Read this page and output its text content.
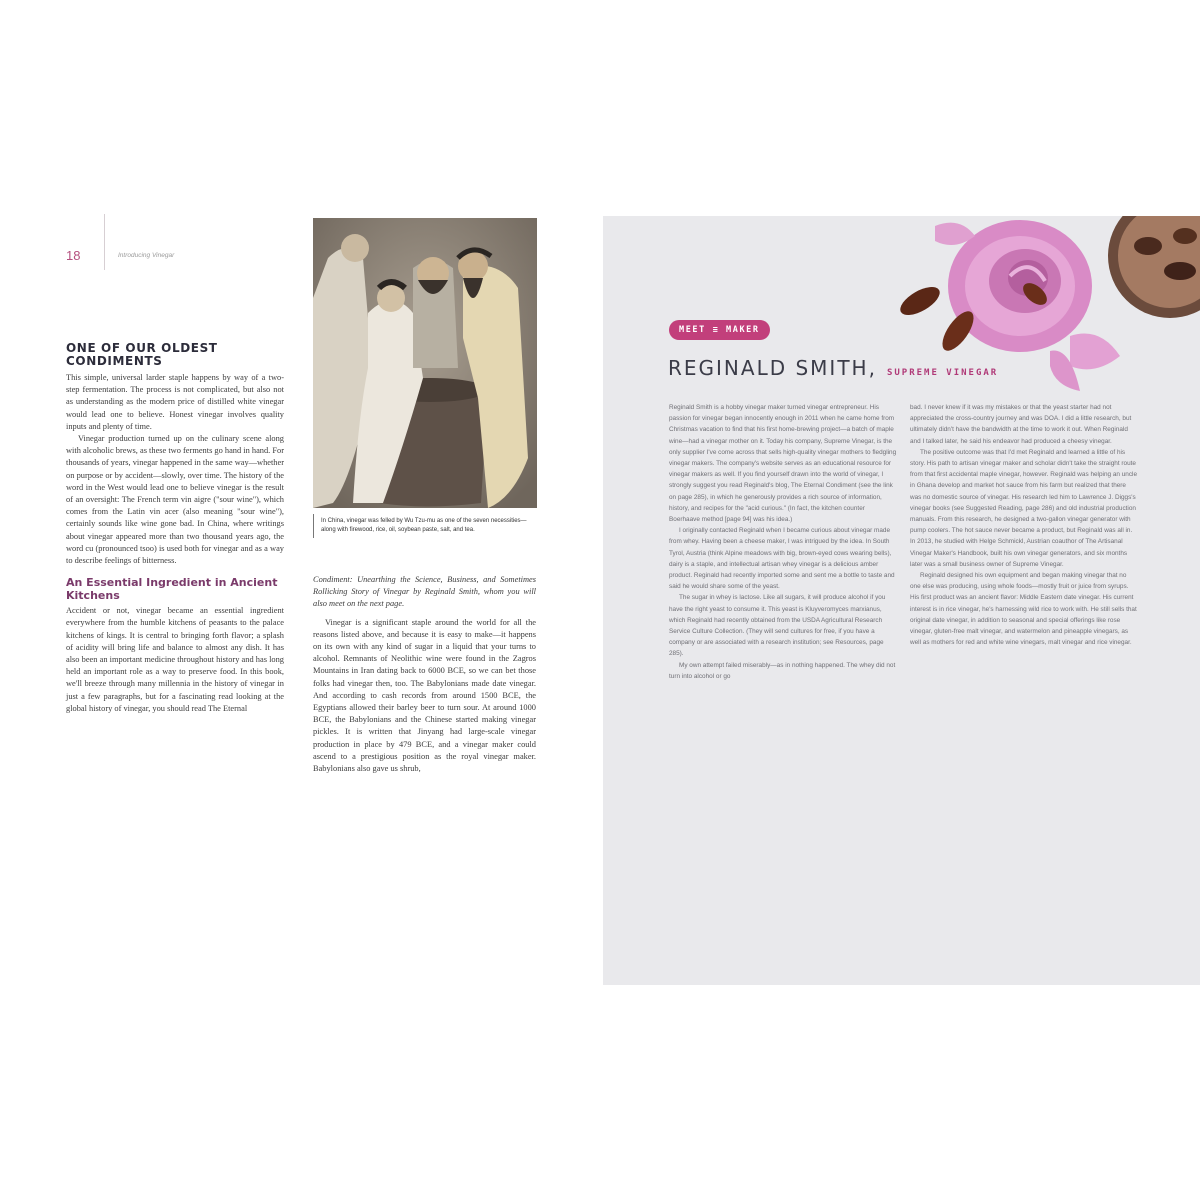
18	Introducing Vinegar
ONE OF OUR OLDEST CONDIMENTS

This simple, universal larder staple happens by way of a two-step fermentation. The process is not complicated, but also not as understanding as the modern price of distilled white vinegar would lead one to believe. Honest vinegar involves quality inputs and plenty of time.

Vinegar production turned up on the culinary scene along with alcoholic brews, as these two ferments go hand in hand. For thousands of years, vinegar happened in the same way—whether on purpose or by accident—slowly, over time. The history of the word in the West would lead one to believe vinegar is the result of an oversight: The French term vin aigre ("sour wine"), which comes from the Latin vin acer (also meaning "sour wine"), certainly sounds like wine gone bad. In China, where writings about vinegar appeared more than two thousand years ago, the word cu (pronounced tsoo) is used both for vinegar and as a way to describe feelings of bitterness.

An Essential Ingredient in Ancient Kitchens

Accident or not, vinegar became an essential ingredient everywhere from the humble kitchens of peasants to the palace kitchens of kings. It is central to bringing forth flavor; a splash of acidity will bring life and balance to almost any dish. It has also been an important medicine throughout history and has long held an important role as a way to preserve food. In this book, we'll breeze through many millennia in the history of vinegar in just a few paragraphs, but for a fascinating read looking at the global history of vinegar, you should read The Eternal

In China, vinegar was felled by Wu Tzu-mu as one of the seven necessities—along with firewood, rice, oil, soybean paste, salt, and tea.

Condiment: Unearthing the Science, Business, and Sometimes Rollicking Story of Vinegar by Reginald Smith, whom you will also meet on the next page.

Vinegar is a significant staple around the world for all the reasons listed above, and because it is easy to make—it happens on its own with any kind of sugar in a liquid that your turns to alcohol. Remnants of Neolithic wine were found in the Zagros Mountains in Iran dating back to 6000 BCE, so we can bet those folks had vinegar then, too. The Babylonians made date vinegar. And according to cash records from around 1500 BCE, the Egyptians allowed their barley beer to turn sour. At around 1000 BCE, the Babylonians and the Chinese started making vinegar pickles. It is written that Jinyang had large-scale vinegar production in place by 479 BCE, and a vinegar maker could ascend to a prestigious position as the royal vinegar maker. Babylonians also gave us shrub,

MEET ≡ MAKER
REGINALD SMITH, SUPREME VINEGAR

Reginald Smith is a hobby vinegar maker turned vinegar entrepreneur. His passion for vinegar began innocently enough in 2011 when he came home from Christmas vacation to find that his first home-brewing project—a batch of maple wine—had a vinegar mother on it. Today his company, Supreme Vinegar, is the only supplier I've come across that sells high-quality vinegar mothers to fledgling vinegar makers. The company's website serves as an educational resource for vinegar makers as well. If you find yourself drawn into the world of vinegar, I strongly suggest you read Reginald's blog, The Eternal Condiment (see the link on page 285), in which he generously provides a rich source of information, history, and recipes for the "acid curious." (In fact, the kitchen counter Boerhaave method [page 94] was his idea.)

I originally contacted Reginald when I became curious about vinegar made from whey. Having been a cheese maker, I was intrigued by the idea. In South Tyrol, Austria (think Alpine meadows with big, brown-eyed cows wearing bells), dairy is a staple, and intellectual artisan whey vinegar is a delicious amber product. Reginald had recently imported some and sent me a bottle to taste and said he would share some of the yeast.

The sugar in whey is lactose. Like all sugars, it will produce alcohol if you have the right yeast to consume it. This yeast is Kluyveromyces marxianus, which Reginald had recently obtained from the USDA Agricultural Research Service Culture Collection. (They will send cultures for free, if you have a company or are associated with a research institution; see Resources, page 285).

My own attempt failed miserably—as in nothing happened. The whey did not turn into alcohol or go

bad. I never knew if it was my mistakes or that the yeast starter had not appreciated the cross-country journey and was DOA. I did a little research, but ultimately didn't have the bandwidth at the time to work it out. When Reginald and I talked later, he said his endeavor had produced a cheesy vinegar.

The positive outcome was that I'd met Reginald and learned a little of his story. His path to artisan vinegar maker and scholar didn't take the straight route from that first accidental maple vinegar, however. Reginald was helping an uncle in Ghana develop and market hot sauce from his farm but realized that there was no domestic source of vinegar. His research led him to Lawrence J. Diggs's vinegar books (see Suggested Reading, page 286) and old industrial production manuals. From this research, he designed a two-gallon vinegar generator with pump coolers. The hot sauce never became a product, but Reginald was all in. In 2013, he studied with Helge Schmickl, Austrian coauthor of The Artisanal Vinegar Maker's Handbook, built his own vinegar generators, and six months later was a small business owner of Supreme Vinegar.

Reginald designed his own equipment and began making vinegar that no one else was producing, using whole foods—mostly fruit or juice from syrups. His first product was an ancient flavor: Middle Eastern date vinegar. His current interest is in rice vinegar, he's harnessing wild rice to work with. He still sells that original date vinegar, in addition to seasonal and special offerings like rose vinegar, gluten-free malt vinegar, and watermelon and pineapple vinegars, as well as mothers for red and white wine vinegars, malt vinegar and rice vinegar.
